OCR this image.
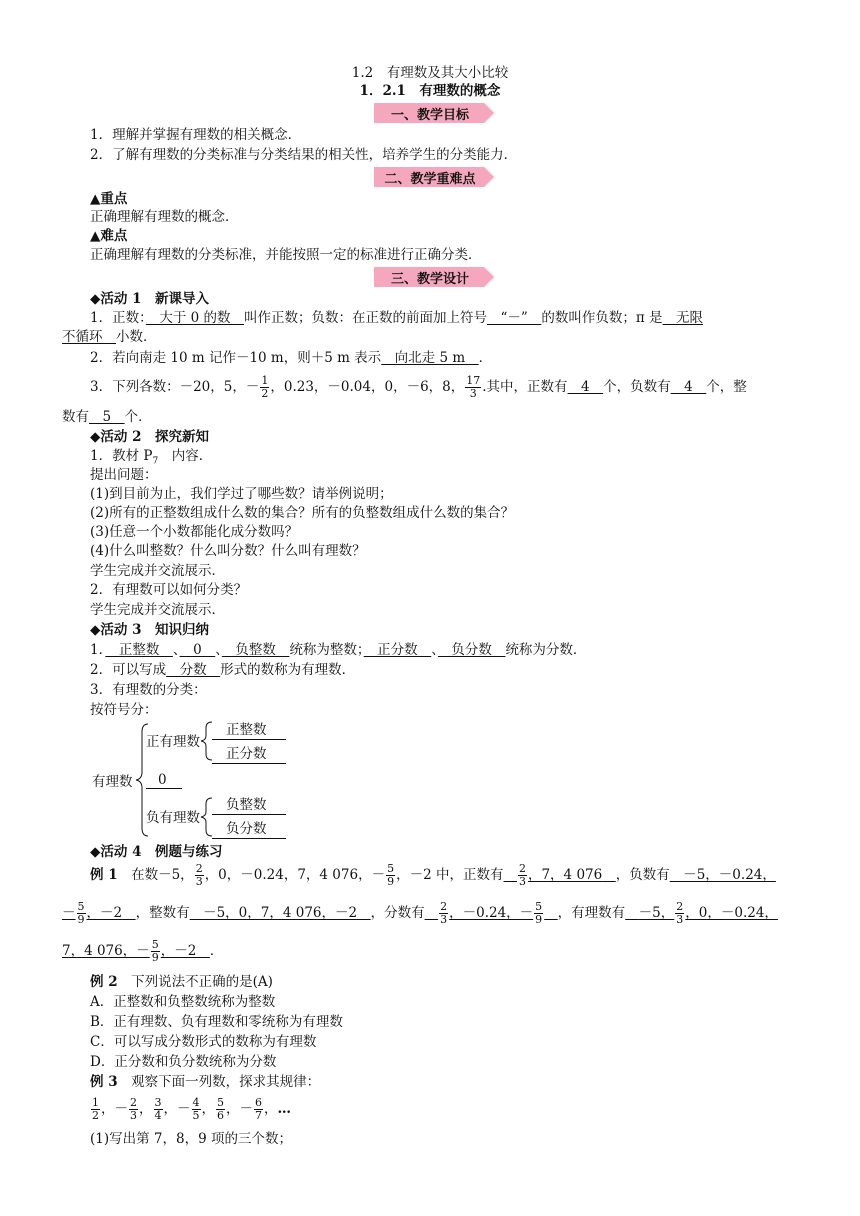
1.2　有理数及其大小比较
1．2.1　有理数的概念
一、教学目标
1．理解并掌握有理数的相关概念．
2．了解有理数的分类标准与分类结果的相关性，培养学生的分类能力．
二、教学重难点
▲重点
正确理解有理数的概念．
▲难点
正确理解有理数的分类标准，并能按照一定的标准进行正确分类．
三、教学设计
◆活动 1　新课导入
1．正数：　大于 0 的数　叫作正数；负数：在正数的前面加上符号　“－”　的数叫作负数；π 是　无限
不循环　 小数．
2．若向南走 10 m 记作－10 m，则＋5 m 表示　向北走 5 m　．
3．下列各数：－20，5，－ $\frac{1}{2}$ ，0.23，－0.04，0，－6，8， $\frac{17}{3}$ .其中，正数有　4　个，负数有　4　个，整
数有　5　个．
◆活动 2　探究新知
1．教材 $P_7$　内容．
提出问题：
(1)到目前为止，我们学过了哪些数？请举例说明；
(2)所有的正整数组成什么数的集合？所有的负整数组成什么数的集合？
(3)任意一个小数都能化成分数吗？
(4)什么叫整数？什么叫分数？什么叫有理数？
学生完成并交流展示．
2．有理数可以如何分类？
学生完成并交流展示．
◆活动 3　知识归纳
1．　正整数　、　0　、　负整数　统称为整数；　正分数　、　负分数　统称为分数．
2．可以写成　分数　形式的数称为有理数．
3．有理数的分类：
按符号分：
有理数
正有理数
正整数
正分数
0
负有理数
负整数
负分数
◆活动 4　例题与练习
例 1　在数－5， $\frac{2}{3}$ ，0，－0.24，7，4 076，－ $\frac{5}{9}$ ，－2 中，正数有　 $\frac{2}{3}$ ，7，4 076　 ，负数有　－5，－0.24，
－ $\frac{5}{9}$ ，－2　 ，整数有　－5，0，7，4 076，－2　，分数有　 $\frac{2}{3}$ ，－0.24，－ $\frac{5}{9}$
　 ，有理数有　 －5， $\frac{2}{3}$ ，0，－0.24，
7，4 076，－ $\frac{5}{9}$ ，－2　．
例 2　下列说法不正确的是(A)
A．正整数和负整数统称为整数
B．正有理数、负有理数和零统称为有理数
C．可以写成分数形式的数称为有理数
D．正分数和负分数统称为分数
例 3　观察下面一列数，探求其规律：
$\frac{1}{2}$ ，－ $\frac{2}{3}$ ， $\frac{3}{4}$ ，－ $\frac{4}{5}$ ， $\frac{5}{6}$ ，－ $\frac{6}{7}$ ，…
(1)写出第 7，8，9 项的三个数；
